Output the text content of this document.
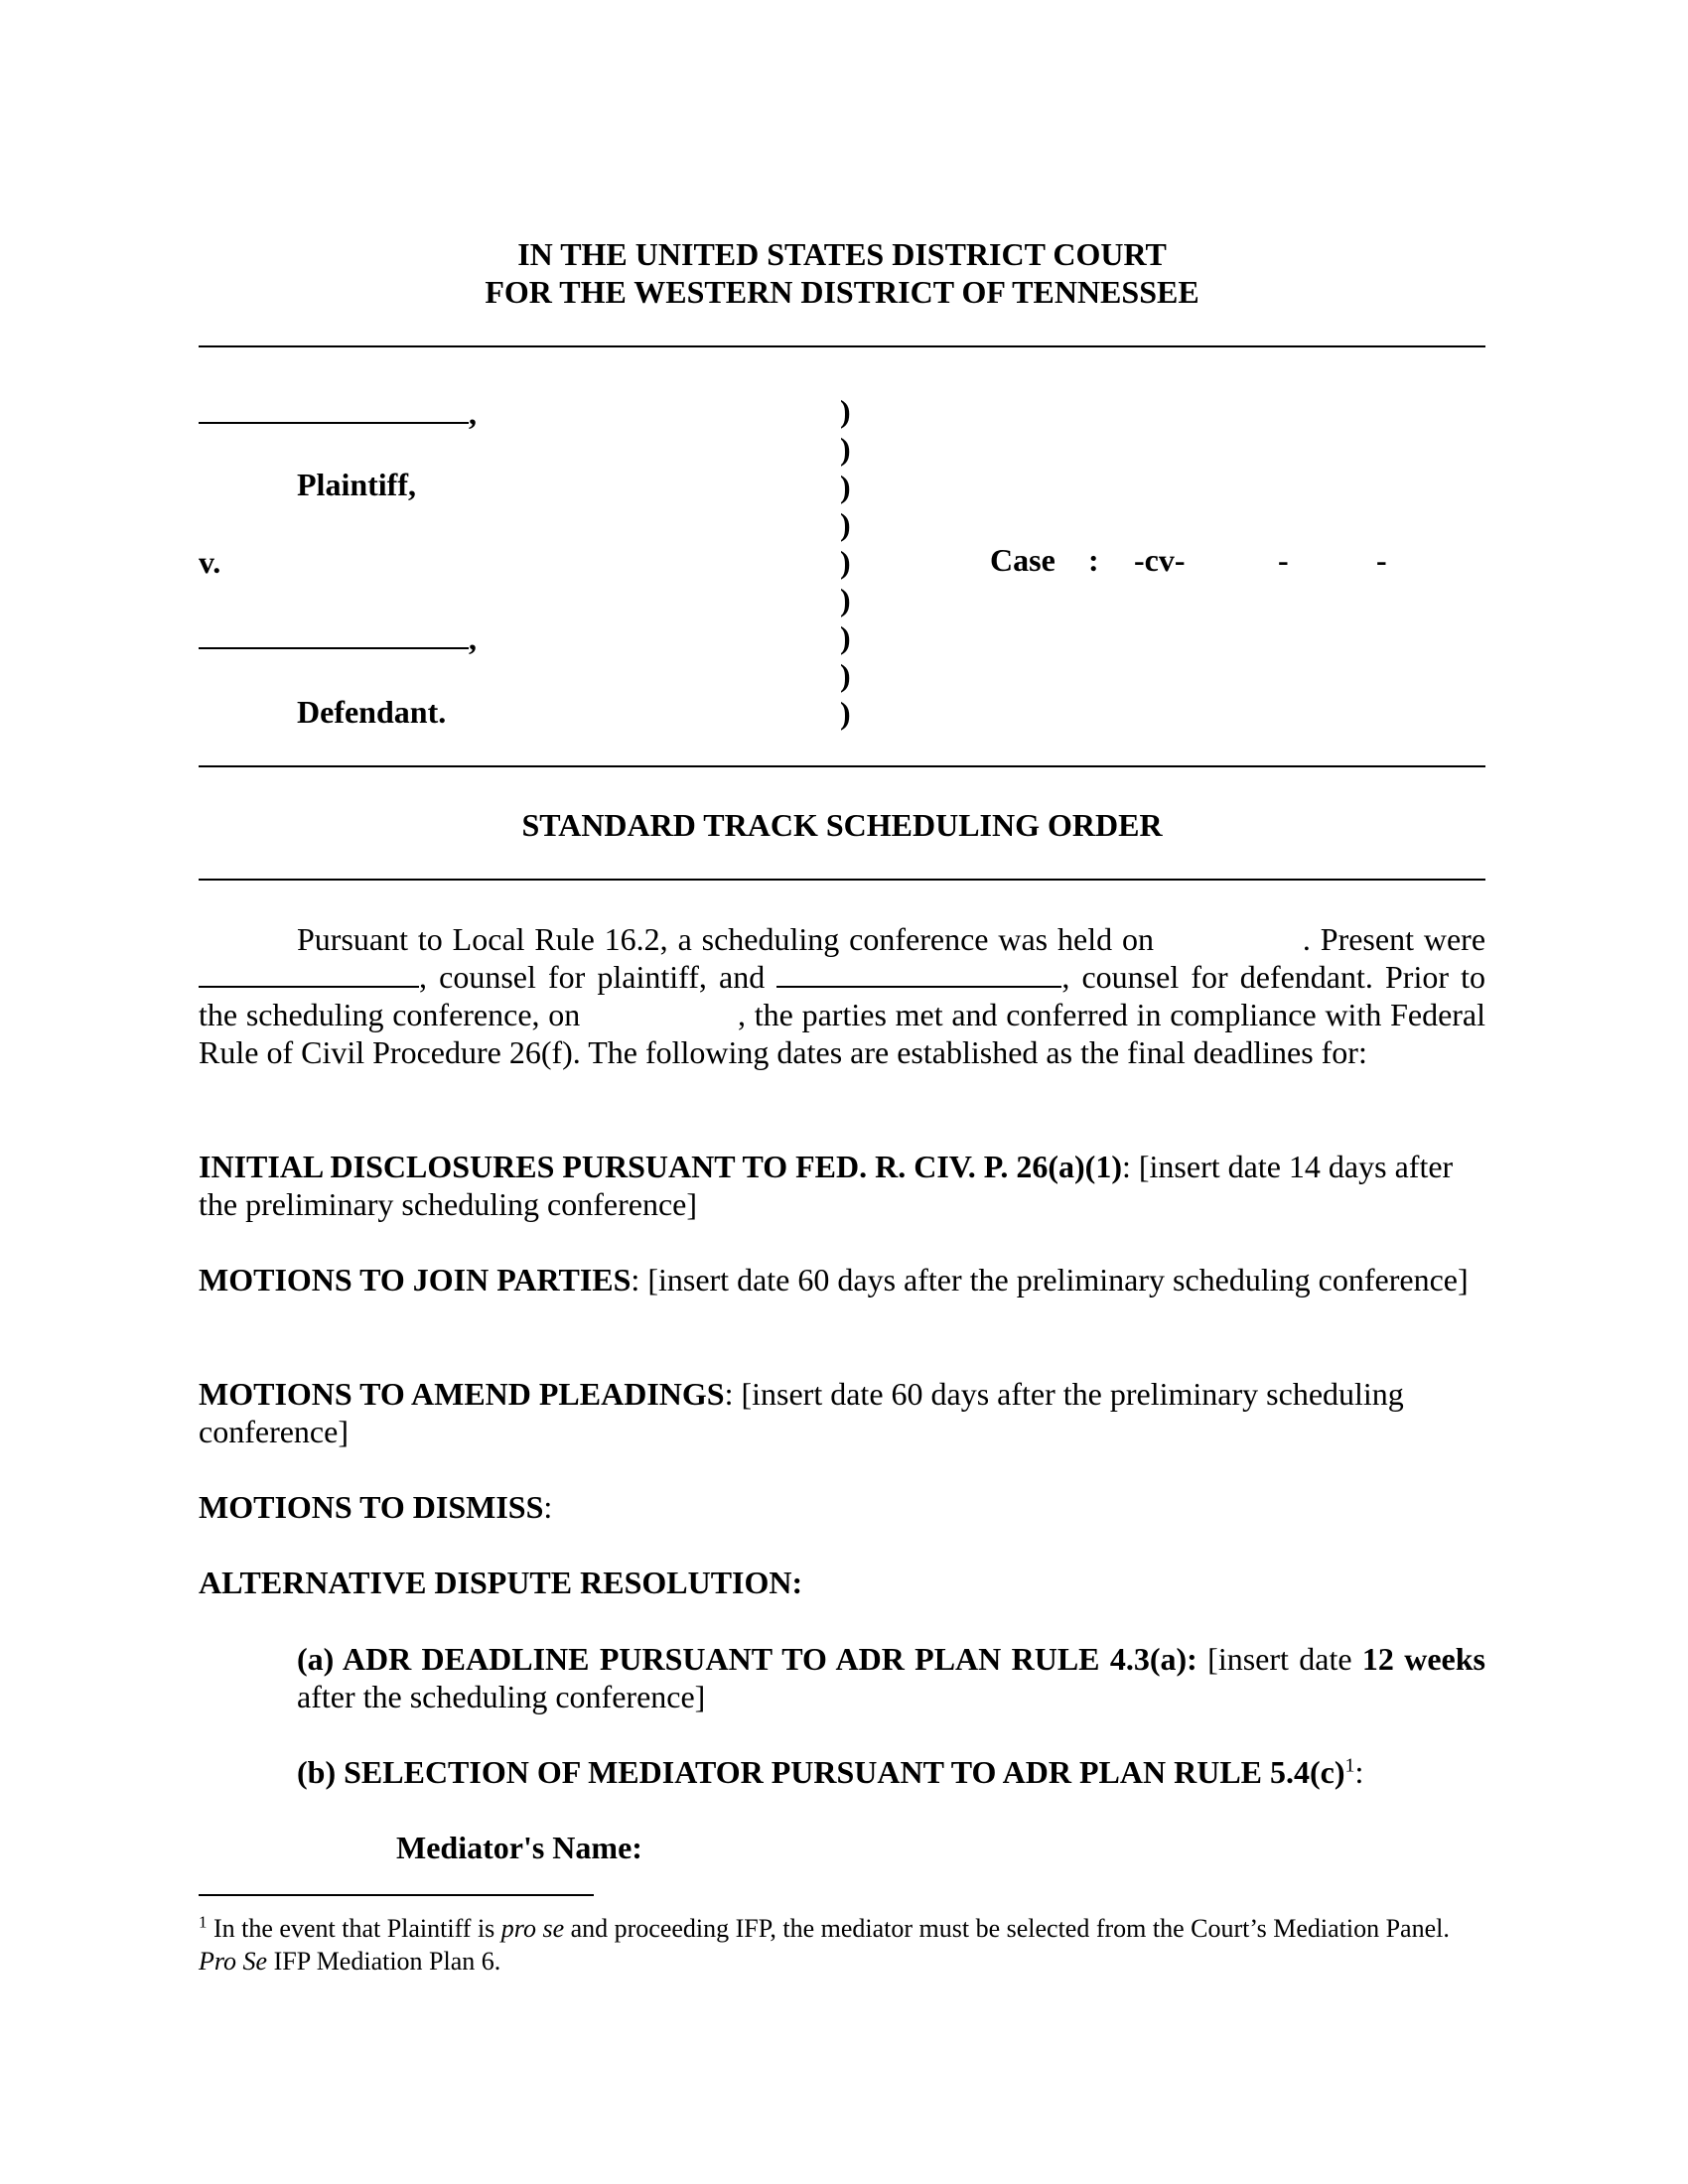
IN THE UNITED STATES DISTRICT COURT
FOR THE WESTERN DISTRICT OF TENNESSEE
,
Plaintiff,
v.
,
Defendant.
)
)
)
)
)
)
)
)
)
Case : -cv-	-	-
STANDARD TRACK SCHEDULING ORDER
Pursuant to Local Rule 16.2, a scheduling conference was held on	. Present were , counsel for plaintiff, and	, counsel for defendant. Prior to the scheduling conference, on	, the parties met and conferred in compliance with Federal Rule of Civil Procedure 26(f). The following dates are established as the final deadlines for:
INITIAL DISCLOSURES PURSUANT TO FED. R. CIV. P. 26(a)(1): [insert date 14 days after the preliminary scheduling conference]
MOTIONS TO JOIN PARTIES: [insert date 60 days after the preliminary scheduling conference]
MOTIONS TO AMEND PLEADINGS: [insert date 60 days after the preliminary scheduling conference]
MOTIONS TO DISMISS:
ALTERNATIVE DISPUTE RESOLUTION:
(a) ADR DEADLINE PURSUANT TO ADR PLAN RULE 4.3(a): [insert date 12 weeks after the scheduling conference]
(b) SELECTION OF MEDIATOR PURSUANT TO ADR PLAN RULE $5.4(c)^1$:
Mediator's Name:
$^1$ In the event that Plaintiff is pro se and proceeding IFP, the mediator must be selected from the Court’s Mediation Panel. Pro Se IFP Mediation Plan 6.
